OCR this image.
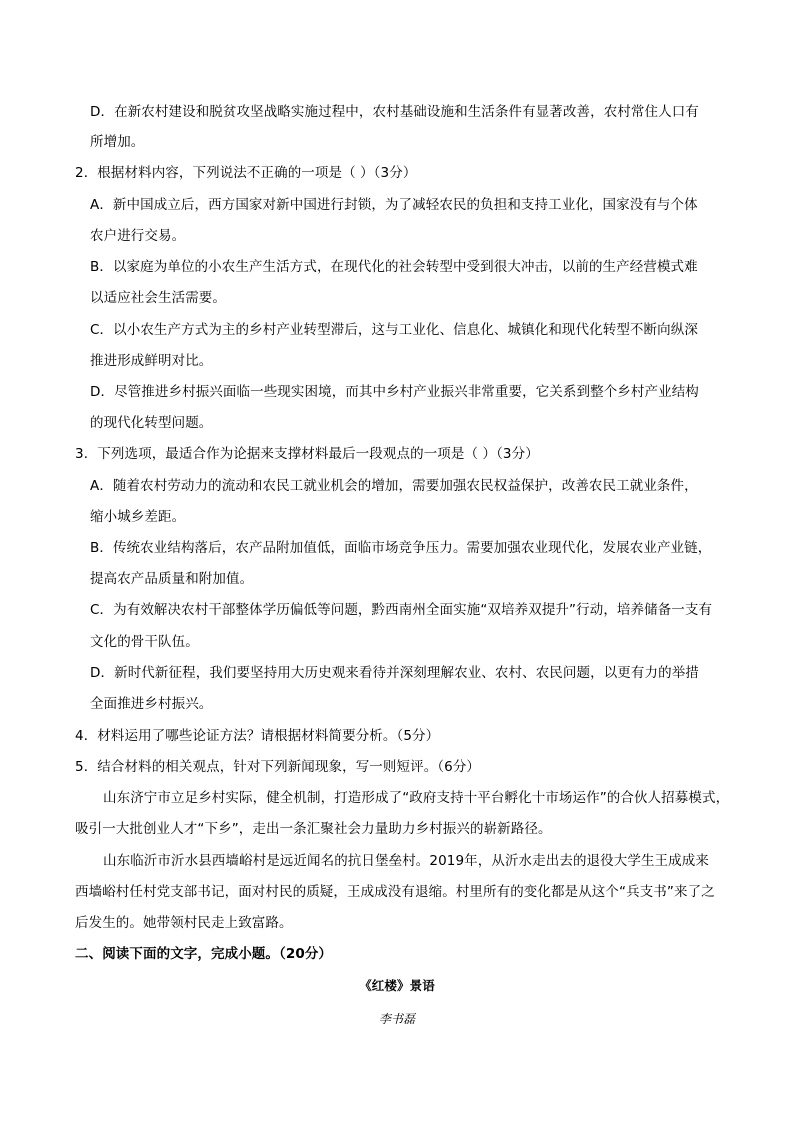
D．在新农村建设和脱贫攻坚战略实施过程中，农村基础设施和生活条件有显著改善，农村常住人口有
所增加。
2．根据材料内容，下列说法不正确的一项是（ ）（3分）
A．新中国成立后，西方国家对新中国进行封锁，为了减轻农民的负担和支持工业化，国家没有与个体
农户进行交易。
B．以家庭为单位的小农生产生活方式，在现代化的社会转型中受到很大冲击，以前的生产经营模式难
以适应社会生活需要。
C．以小农生产方式为主的乡村产业转型滞后，这与工业化、信息化、城镇化和现代化转型不断向纵深
推进形成鲜明对比。
D．尽管推进乡村振兴面临一些现实困境，而其中乡村产业振兴非常重要，它关系到整个乡村产业结构
的现代化转型问题。
3．下列选项，最适合作为论据来支撑材料最后一段观点的一项是（ ）（3分）
A．随着农村劳动力的流动和农民工就业机会的增加，需要加强农民权益保护，改善农民工就业条件，
缩小城乡差距。
B．传统农业结构落后，农产品附加值低，面临市场竞争压力。需要加强农业现代化，发展农业产业链，
提高农产品质量和附加值。
C．为有效解决农村干部整体学历偏低等问题，黔西南州全面实施“双培养双提升”行动，培养储备一支有
文化的骨干队伍。
D．新时代新征程，我们要坚持用大历史观来看待并深刻理解农业、农村、农民问题，以更有力的举措
全面推进乡村振兴。
4．材料运用了哪些论证方法？请根据材料简要分析。（5分）
5．结合材料的相关观点，针对下列新闻现象，写一则短评。（6分）
山东济宁市立足乡村实际，健全机制，打造形成了“政府支持十平台孵化十市场运作”的合伙人招募模式，
吸引一大批创业人才“下乡”，走出一条汇聚社会力量助力乡村振兴的崭新路径。
山东临沂市沂水县西墙峪村是远近闻名的抗日堡垒村。2019年，从沂水走出去的退役大学生王成成来
西墙峪村任村党支部书记，面对村民的质疑，王成成没有退缩。村里所有的变化都是从这个“兵支书”来了之
后发生的。她带领村民走上致富路。
二、阅读下面的文字，完成小题。（20分）
《红楼》景语
李书磊
